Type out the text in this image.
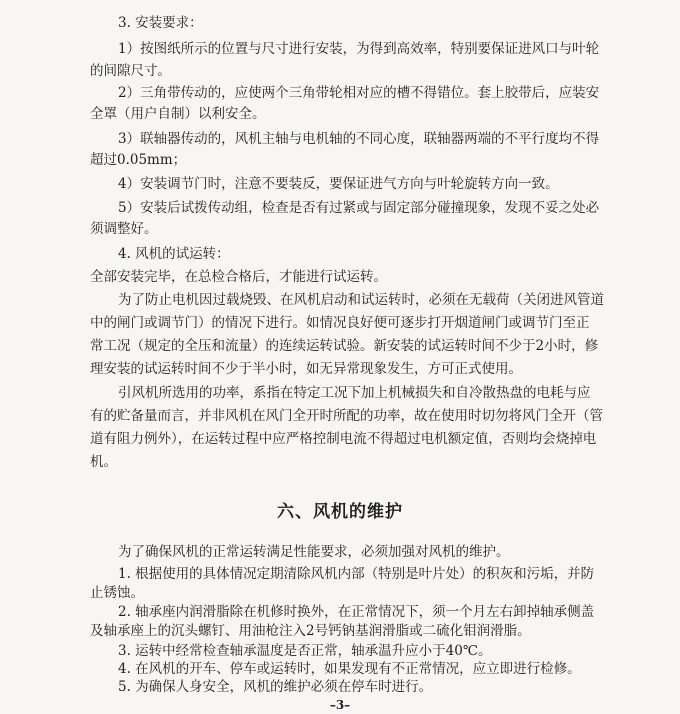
3. 安装要求：
1）按图纸所示的位置与尺寸进行安装，为得到高效率，特别要保证进风口与叶轮
的间隙尺寸。
2）三角带传动的，应使两个三角带轮相对应的槽不得错位。套上胶带后，应装安
全罩（用户自制）以利安全。
3）联轴器传动的，风机主轴与电机轴的不同心度，联轴器两端的不平行度均不得
超过0.05mm；
4）安装调节门时，注意不要装反，要保证进气方向与叶轮旋转方向一致。
5）安装后试拨传动组，检查是否有过紧或与固定部分碰撞现象，发现不妥之处必
须调整好。
4. 风机的试运转：
全部安装完毕，在总检合格后，才能进行试运转。
为了防止电机因过载烧毁、在风机启动和试运转时，必须在无载荷（关闭进风管道
中的闸门或调节门）的情况下进行。如情况良好便可逐步打开烟道闸门或调节门至正
常工况（规定的全压和流量）的连续运转试验。新安装的试运转时间不少于2小时，修
理安装的试运转时间不少于半小时，如无异常现象发生，方可正式使用。
引风机所选用的功率，系指在特定工况下加上机械损失和自冷散热盘的电耗与应
有的贮备量而言，并非风机在风门全开时所配的功率，故在使用时切勿将风门全开（管
道有阻力例外），在运转过程中应严格控制电流不得超过电机额定值，否则均会烧掉电
机。
六、风机的维护
为了确保风机的正常运转满足性能要求，必须加强对风机的维护。
1. 根据使用的具体情况定期清除风机内部（特别是叶片处）的积灰和污垢，并防
止锈蚀。
2. 轴承座内润滑脂除在机修时换外，在正常情况下，须一个月左右卸掉轴承侧盖
及轴承座上的沉头螺钉、用油枪注入2号钙钠基润滑脂或二硫化钼润滑脂。
3. 运转中经常检查轴承温度是否正常，轴承温升应小于40℃。
4. 在风机的开车、停车或运转时，如果发现有不正常情况，应立即进行检修。
5. 为确保人身安全，风机的维护必须在停车时进行。
–3–
